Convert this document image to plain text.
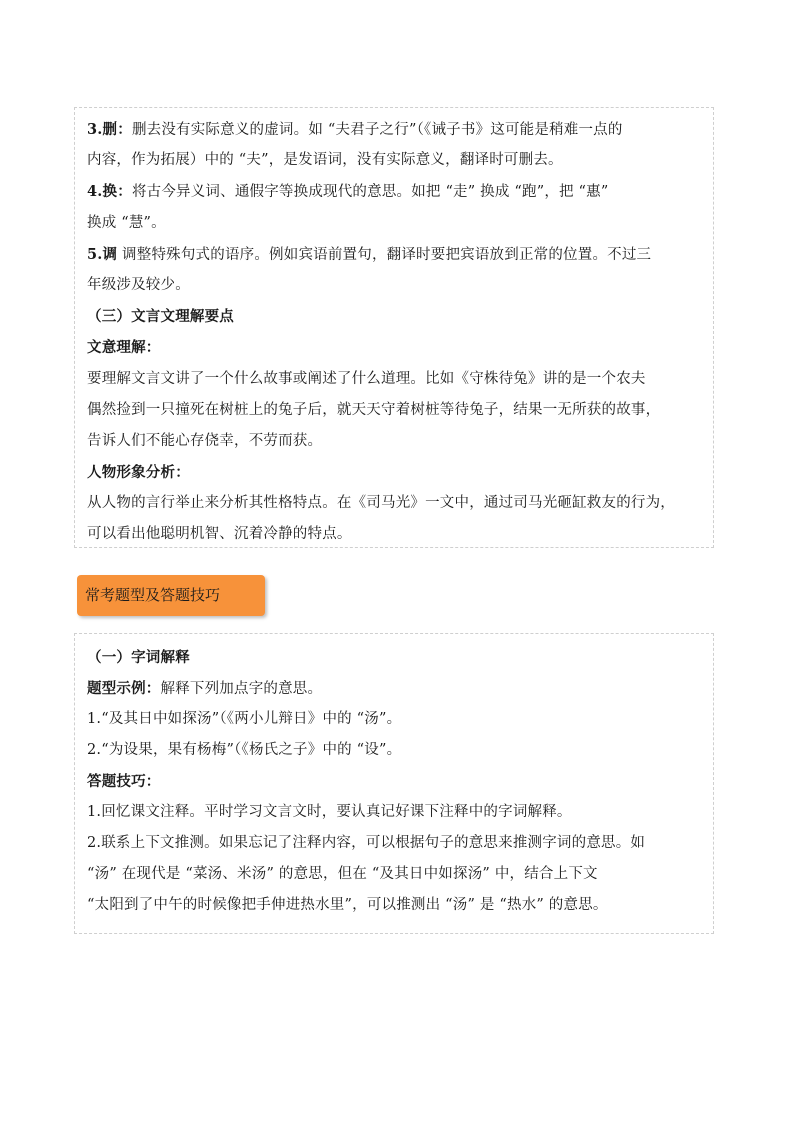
3.删：删去没有实际意义的虚词。如 “夫君子之行”（《诫子书》这可能是稍难一点的
内容，作为拓展）中的 “夫”，是发语词，没有实际意义，翻译时可删去。
4.换：将古今异义词、通假字等换成现代的意思。如把 “走” 换成 “跑”，把 “惠”
换成 “慧”。
5.调 调整特殊句式的语序。例如宾语前置句，翻译时要把宾语放到正常的位置。不过三
年级涉及较少。
（三）文言文理解要点
文意理解：
要理解文言文讲了一个什么故事或阐述了什么道理。比如《守株待兔》讲的是一个农夫
偶然捡到一只撞死在树桩上的兔子后，就天天守着树桩等待兔子，结果一无所获的故事，
告诉人们不能心存侥幸，不劳而获。
人物形象分析：
从人物的言行举止来分析其性格特点。在《司马光》一文中，通过司马光砸缸救友的行为，
可以看出他聪明机智、沉着冷静的特点。
常考题型及答题技巧
（一）字词解释
题型示例：解释下列加点字的意思。
1.“及其日中如探汤”（《两小儿辩日》中的 “汤”。
2.“为设果，果有杨梅”（《杨氏之子》中的 “设”。
答题技巧：
1.回忆课文注释。平时学习文言文时，要认真记好课下注释中的字词解释。
2.联系上下文推测。如果忘记了注释内容，可以根据句子的意思来推测字词的意思。如
“汤” 在现代是 “菜汤、米汤” 的意思，但在 “及其日中如探汤” 中，结合上下文
“太阳到了中午的时候像把手伸进热水里”，可以推测出 “汤” 是 “热水” 的意思。
